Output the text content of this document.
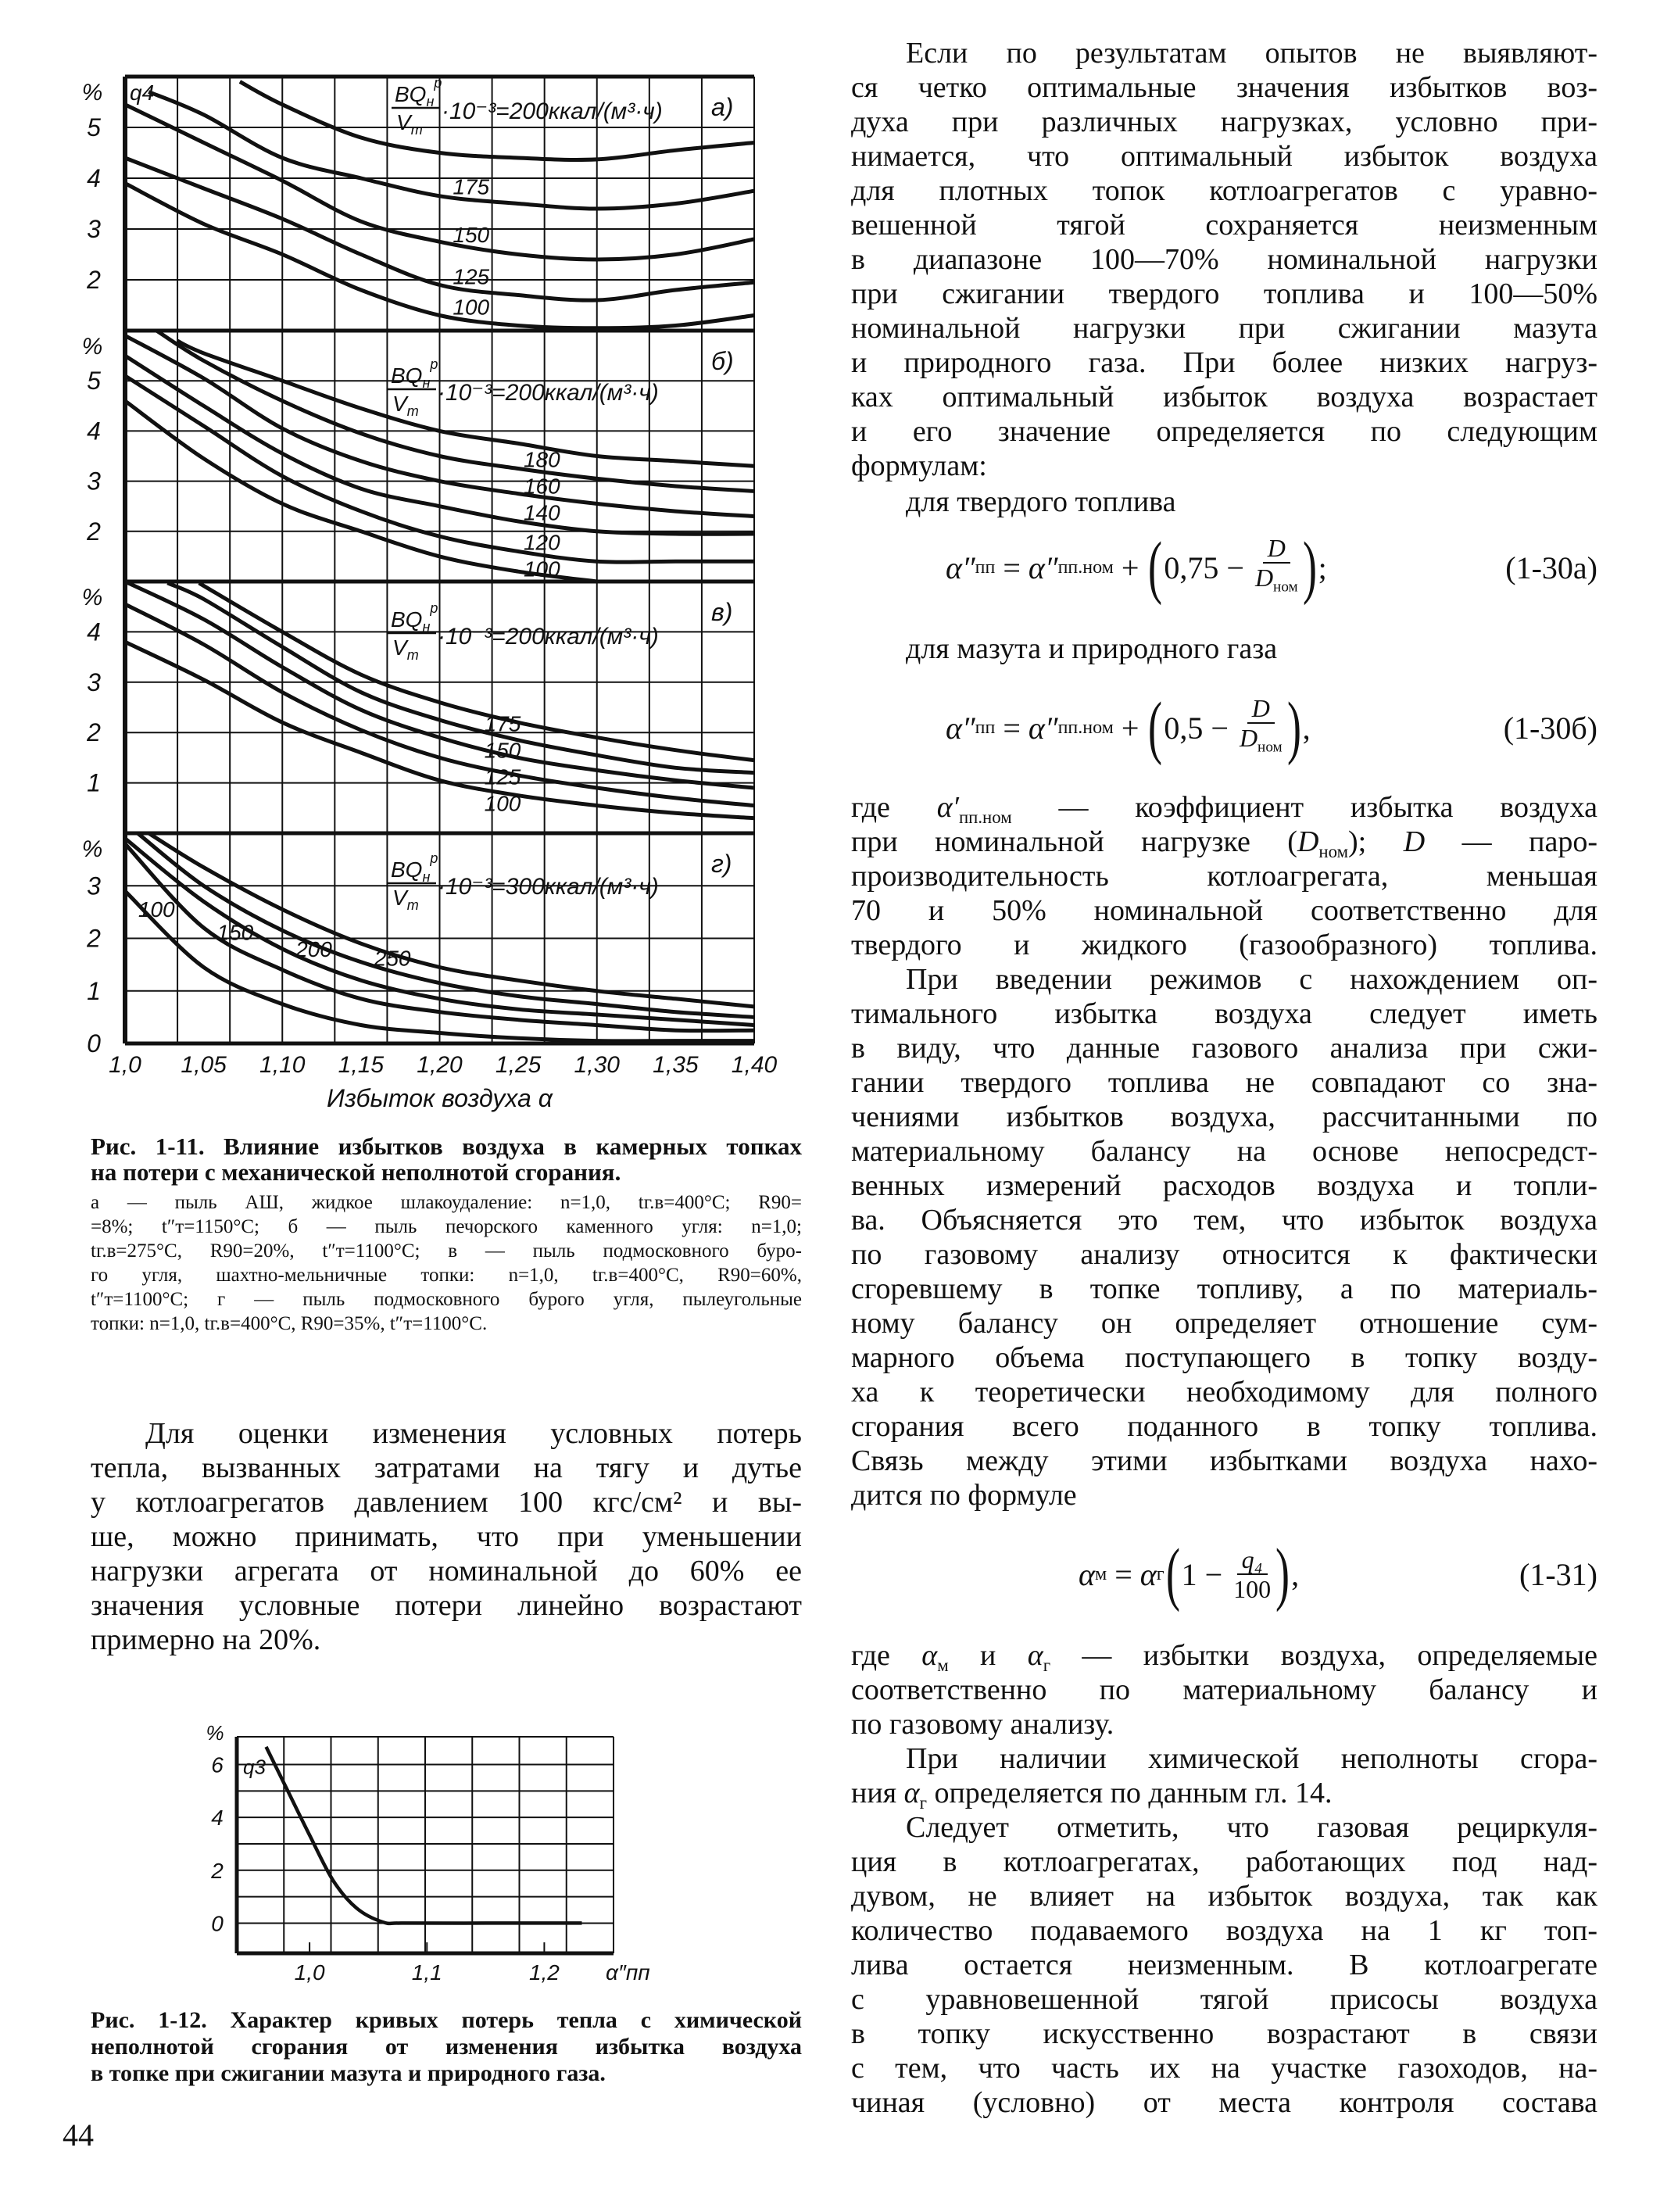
2
3
4
5
%
а)
q4
175
150
125
100
$BQ_н^р$
$V_т$
·10⁻³=200ккал/(м³·ч)
2
3
4
5
%
б)
180
160
140
120
100
$BQ_н^р$
$V_т$
·10⁻³=200ккал/(м³·ч)
1
2
3
4
%
в)
175
150
125
100
$BQ_н^р$
$V_т$
·10⁻³=200ккал/(м³·ч)
0
1
2
3
%
г)
250
200
150
100
$BQ_н^р$
$V_т$
·10⁻³=300ккал/(м³·ч)
1,0 1,05 1,10 1,15 1,20 1,25 1,30 1,35 1,40
Избыток воздуха α
Рис. 1-11. Влияние избытков воздуха в камерных топках
на потери с механической неполнотой сгорания.
а — пыль АШ, жидкое шлакоудаление: n=1,0, tг.в=400°C; R90=
=8%; t″т=1150°C; б — пыль печорского каменного угля: n=1,0;
tг.в=275°C, R90=20%, t″т=1100°C; в — пыль подмосковного буро-
го угля, шахтно-мельничные топки: n=1,0, tг.в=400°C, R90=60%,
t″т=1100°C; г — пыль подмосковного бурого угля, пылеугольные
топки: n=1,0, tг.в=400°C, R90=35%, t″т=1100°C.
Для оценки изменения условных потерь
тепла, вызванных затратами на тягу и дутье
у котлоагрегатов давлением 100 кгс/см² и вы-
ше, можно принимать, что при уменьшении
нагрузки агрегата от номинальной до 60% ее
значения условные потери линейно возрастают
примерно на 20%.
0
2
4
6
%
q3
1,0	1,1	1,2 α″пп
Рис. 1-12. Характер кривых потерь тепла с химической
неполнотой сгорания от изменения избытка воздуха
в топке при сжигании мазута и природного газа.
44
Если по результатам опытов не выявляют-
ся четко оптимальные значения избытков воз-
духа при различных нагрузках, условно при-
нимается, что оптимальный избыток воздуха
для плотных топок котлоагрегатов с уравно-
вешенной тягой сохраняется неизменным
в диапазоне 100—70% номинальной нагрузки
при сжигании твердого топлива и 100—50%
номинальной нагрузки при сжигании мазута
и природного газа. При более низких нагруз-
ках оптимальный избыток воздуха возрастает
и его значение определяется по следующим
формулам:
для твердого топлива
α″ пп = α″ пп.ном + ( $0,75 - \frac{D}{D_{ном}}$ ) ;	(1-30а)
для мазута и природного газа
α″ пп = α″ пп.ном + ( $0,5 - \frac{D}{D_{ном}}$ ) ,	(1-30б)
где $\alpha'_{пп.ном}$ — коэффициент избытка воздуха
при номинальной нагрузке $(D_{ном})$; D — паро-
производительность котлоагрегата, меньшая
70 и 50% номинальной соответственно для
твердого и жидкого (газообразного) топлива.
При введении режимов с нахождением оп-
тимального избытка воздуха следует иметь
в виду, что данные газового анализа при сжи-
гании твердого топлива не совпадают со зна-
чениями избытков воздуха, рассчитанными по
материальному балансу на основе непосредст-
венных измерений расходов воздуха и топли-
ва. Объясняется это тем, что избыток воздуха
по газовому анализу относится к фактически
сгоревшему в топке топливу, а по материаль-
ному балансу он определяет отношение сум-
марного объема поступающего в топку возду-
ха к теоретически необходимому для полного
сгорания всего поданного в топку топлива.
Связь между этими избытками воздуха нахо-
дится по формуле
α м = α г ( $1 - \frac{\text{q₄}}{100}$ ) ,	(1-31)
где $\alpha_м$ и $\alpha_г$ — избытки воздуха, определяемые
соответственно по материальному балансу и
по газовому анализу.
При наличии химической неполноты сгора-
ния $\alpha_г$ определяется по данным гл. 14.
Следует отметить, что газовая рециркуля-
ция в котлоагрегатах, работающих под над-
дувом, не влияет на избыток воздуха, так как
количество подаваемого воздуха на 1 кг топ-
лива остается неизменным. В котлоагрегате
с уравновешенной тягой присосы воздуха
в топку искусственно возрастают в связи
с тем, что часть их на участке газоходов, на-
чиная (условно) от места контроля состава
